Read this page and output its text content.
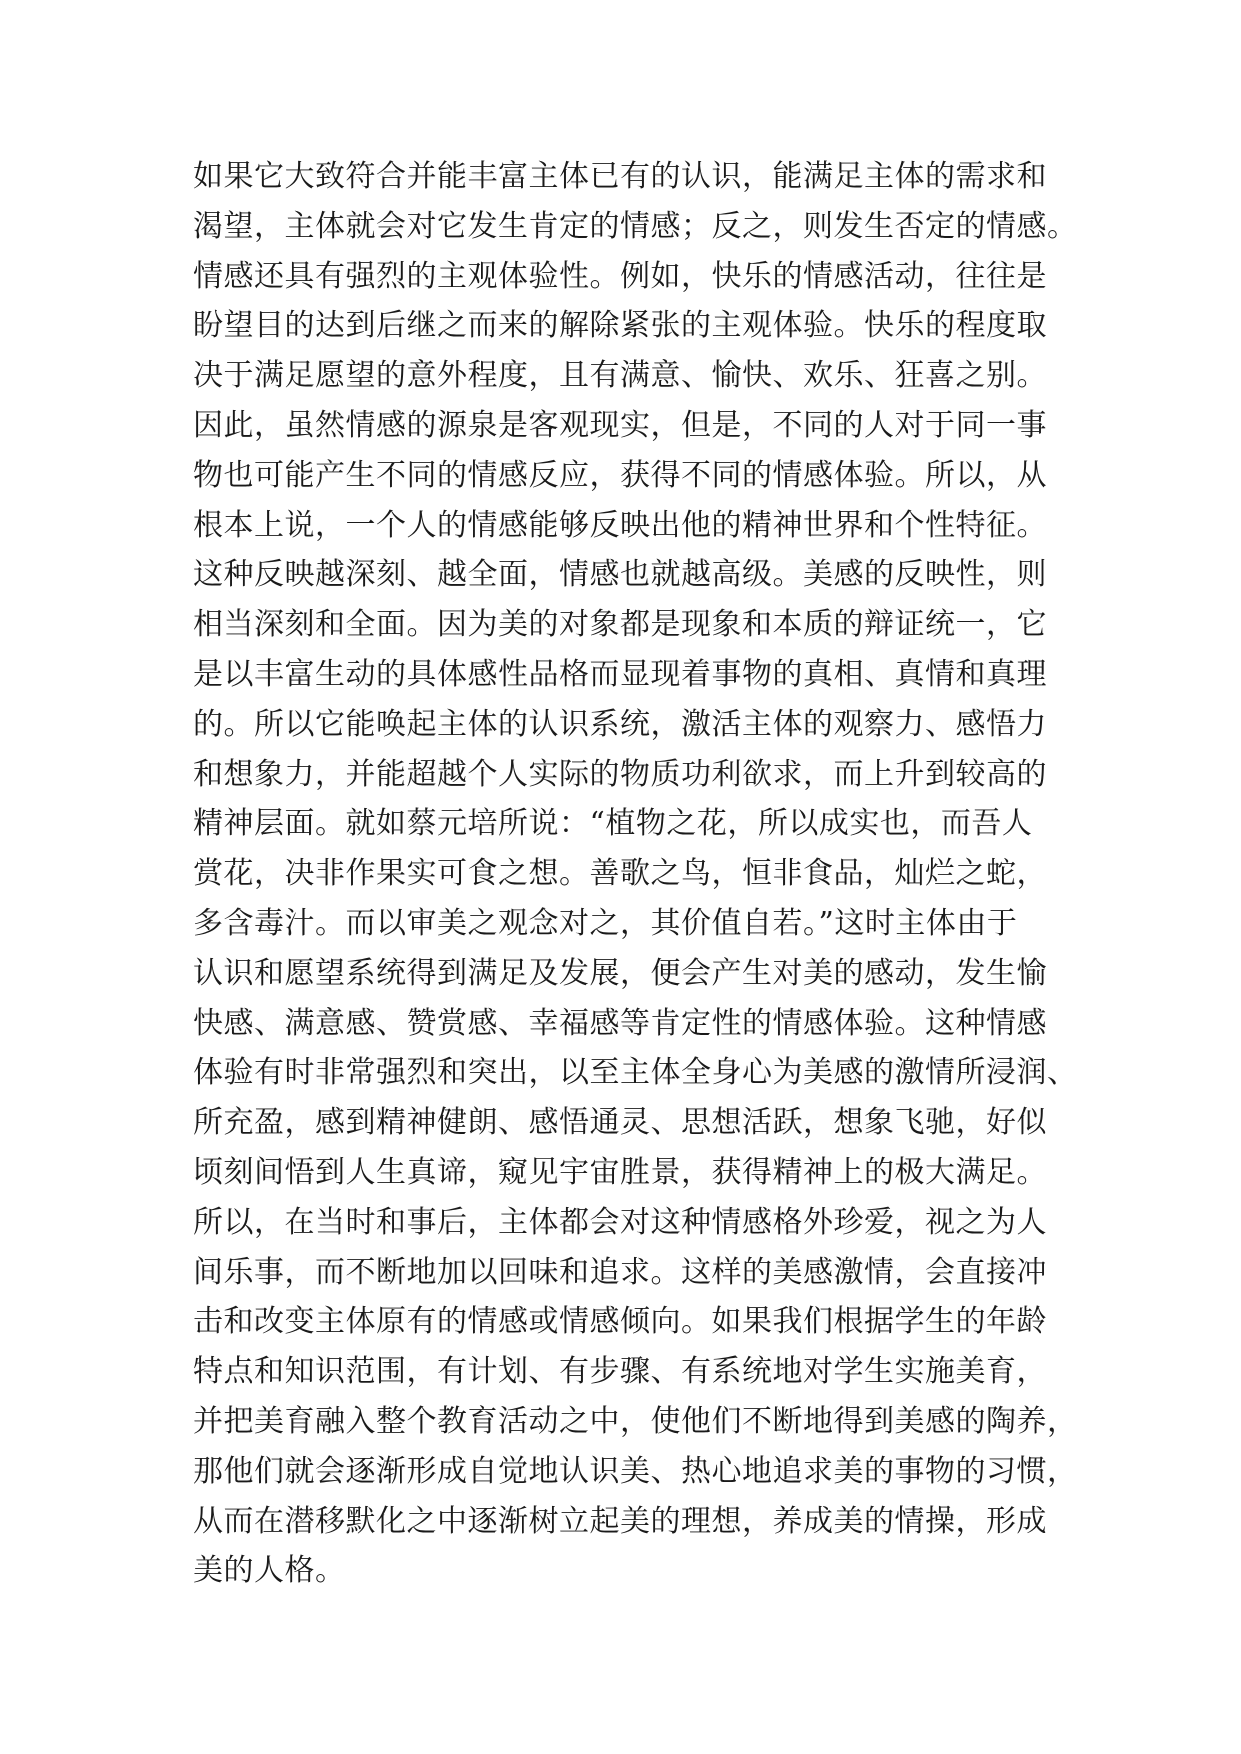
如果它大致符合并能丰富主体已有的认识，能满足主体的需求和
渴望，主体就会对它发生肯定的情感；反之，则发生否定的情感。
情感还具有强烈的主观体验性。例如，快乐的情感活动，往往是
盼望目的达到后继之而来的解除紧张的主观体验。快乐的程度取
决于满足愿望的意外程度，且有满意、愉快、欢乐、狂喜之别。
因此，虽然情感的源泉是客观现实，但是，不同的人对于同一事
物也可能产生不同的情感反应，获得不同的情感体验。所以，从
根本上说，一个人的情感能够反映出他的精神世界和个性特征。
这种反映越深刻、越全面，情感也就越高级。美感的反映性，则
相当深刻和全面。因为美的对象都是现象和本质的辩证统一，它
是以丰富生动的具体感性品格而显现着事物的真相、真情和真理
的。所以它能唤起主体的认识系统，激活主体的观察力、感悟力
和想象力，并能超越个人实际的物质功利欲求，而上升到较高的
精神层面。就如蔡元培所说：“植物之花，所以成实也，而吾人
赏花，决非作果实可食之想。善歌之鸟，恒非食品，灿烂之蛇，
多含毒汁。而以审美之观念对之，其价值自若。”这时主体由于
认识和愿望系统得到满足及发展，便会产生对美的感动，发生愉
快感、满意感、赞赏感、幸福感等肯定性的情感体验。这种情感
体验有时非常强烈和突出，以至主体全身心为美感的激情所浸润、
所充盈，感到精神健朗、感悟通灵、思想活跃，想象飞驰，好似
顷刻间悟到人生真谛，窥见宇宙胜景，获得精神上的极大满足。
所以，在当时和事后，主体都会对这种情感格外珍爱，视之为人
间乐事，而不断地加以回味和追求。这样的美感激情，会直接冲
击和改变主体原有的情感或情感倾向。如果我们根据学生的年龄
特点和知识范围，有计划、有步骤、有系统地对学生实施美育，
并把美育融入整个教育活动之中，使他们不断地得到美感的陶养，
那他们就会逐渐形成自觉地认识美、热心地追求美的事物的习惯，
从而在潜移默化之中逐渐树立起美的理想，养成美的情操，形成
美的人格。
